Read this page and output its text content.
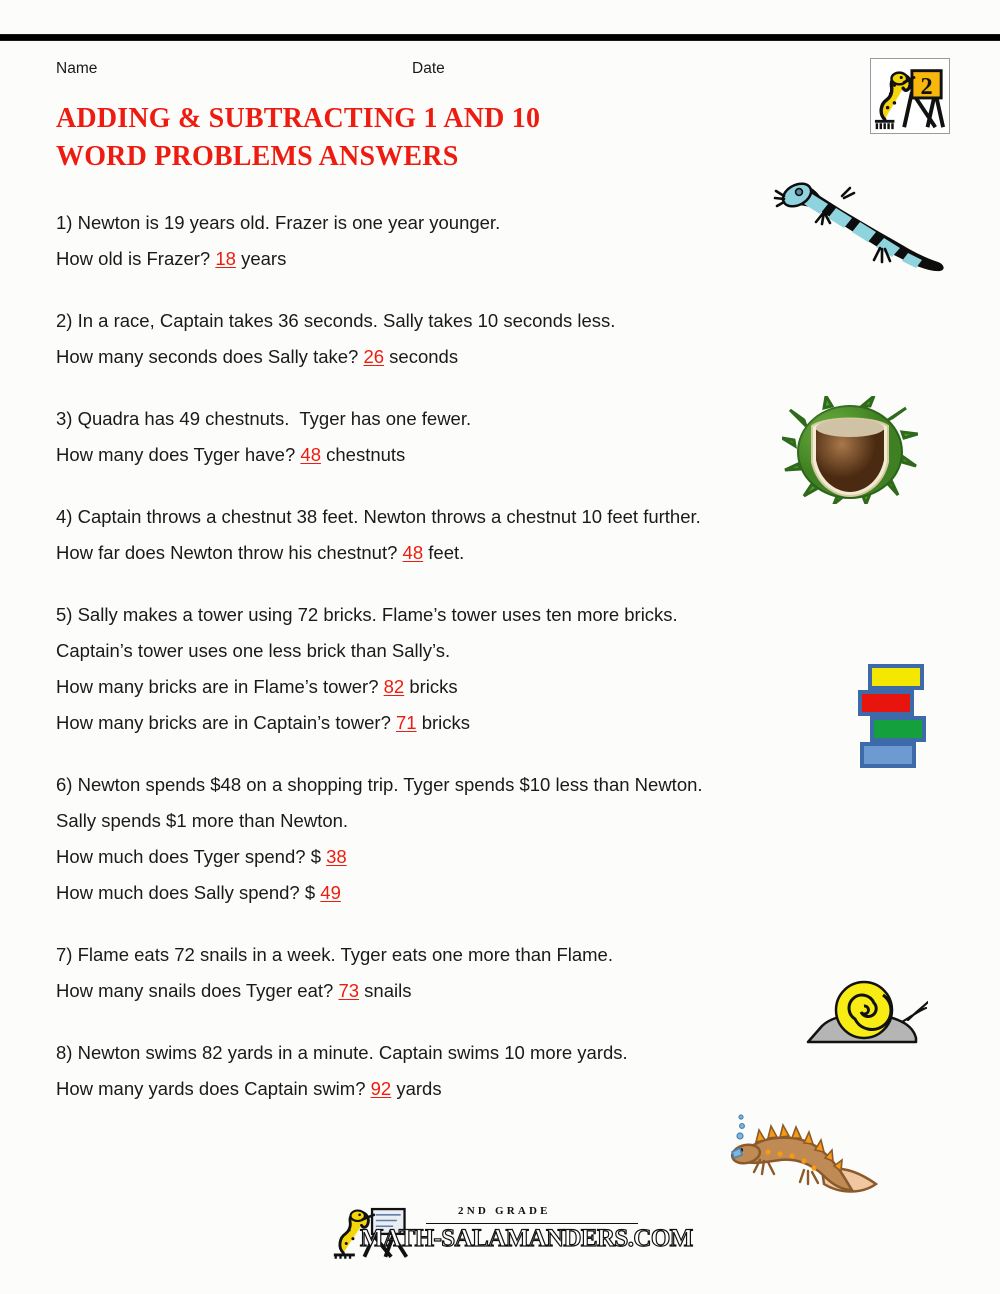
Name	Date
2
ADDING & SUBTRACTING 1 AND 10
WORD PROBLEMS ANSWERS
1) Newton is 19 years old. Frazer is one year younger.
How old is Frazer? 18 years
2) In a race, Captain takes 36 seconds. Sally takes 10 seconds less.
How many seconds does Sally take? 26 seconds
3) Quadra has 49 chestnuts.  Tyger has one fewer.
How many does Tyger have? 48 chestnuts
4) Captain throws a chestnut 38 feet. Newton throws a chestnut 10 feet further.
How far does Newton throw his chestnut? 48 feet.
5) Sally makes a tower using 72 bricks. Flame’s tower uses ten more bricks.
Captain’s tower uses one less brick than Sally’s.
How many bricks are in Flame’s tower? 82 bricks
How many bricks are in Captain’s tower? 71 bricks
6) Newton spends $48 on a shopping trip. Tyger spends $10 less than Newton.
Sally spends $1 more than Newton.
How much does Tyger spend? $ 38
How much does Sally spend? $ 49
7) Flame eats 72 snails in a week. Tyger eats one more than Flame.
How many snails does Tyger eat? 73 snails
8) Newton swims 82 yards in a minute. Captain swims 10 more yards.
How many yards does Captain swim? 92 yards
2ND GRADE
MATH-SALAMANDERS.COM
